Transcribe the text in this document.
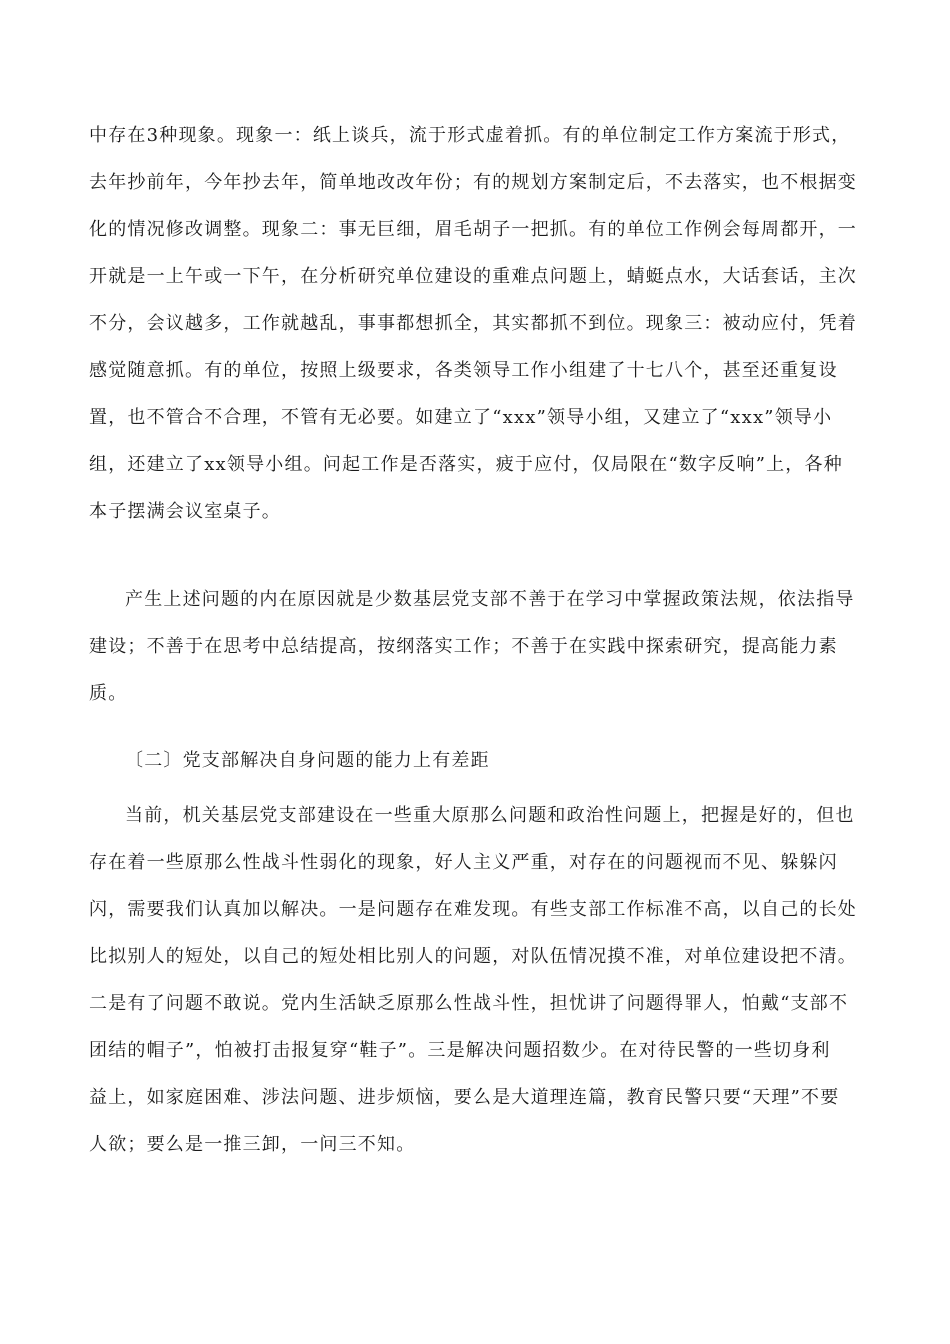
中存在3种现象。现象一：纸上谈兵，流于形式虚着抓。有的单位制定工作方案流于形式，
去年抄前年，今年抄去年，简单地改改年份；有的规划方案制定后，不去落实，也不根据变
化的情况修改调整。现象二：事无巨细，眉毛胡子一把抓。有的单位工作例会每周都开，一
开就是一上午或一下午，在分析研究单位建设的重难点问题上，蜻蜓点水，大话套话，主次
不分，会议越多，工作就越乱，事事都想抓全，其实都抓不到位。现象三：被动应付，凭着
感觉随意抓。有的单位，按照上级要求，各类领导工作小组建了十七八个，甚至还重复设
置，也不管合不合理，不管有无必要。如建立了“xxx”领导小组，又建立了“xxx”领导小
组，还建立了xx领导小组。问起工作是否落实，疲于应付，仅局限在“数字反响”上，各种
本子摆满会议室桌子。
产生上述问题的内在原因就是少数基层党支部不善于在学习中掌握政策法规，依法指导
建设；不善于在思考中总结提高，按纲落实工作；不善于在实践中探索研究，提高能力素
质。
〔二〕党支部解决自身问题的能力上有差距
当前，机关基层党支部建设在一些重大原那么问题和政治性问题上，把握是好的，但也
存在着一些原那么性战斗性弱化的现象，好人主义严重，对存在的问题视而不见、躲躲闪
闪，需要我们认真加以解决。一是问题存在难发现。有些支部工作标准不高，以自己的长处
比拟别人的短处，以自己的短处相比别人的问题，对队伍情况摸不准，对单位建设把不清。
二是有了问题不敢说。党内生活缺乏原那么性战斗性，担忧讲了问题得罪人，怕戴“支部不
团结的帽子”，怕被打击报复穿“鞋子”。三是解决问题招数少。在对待民警的一些切身利
益上，如家庭困难、涉法问题、进步烦恼，要么是大道理连篇，教育民警只要“天理”不要
人欲；要么是一推三卸，一问三不知。
